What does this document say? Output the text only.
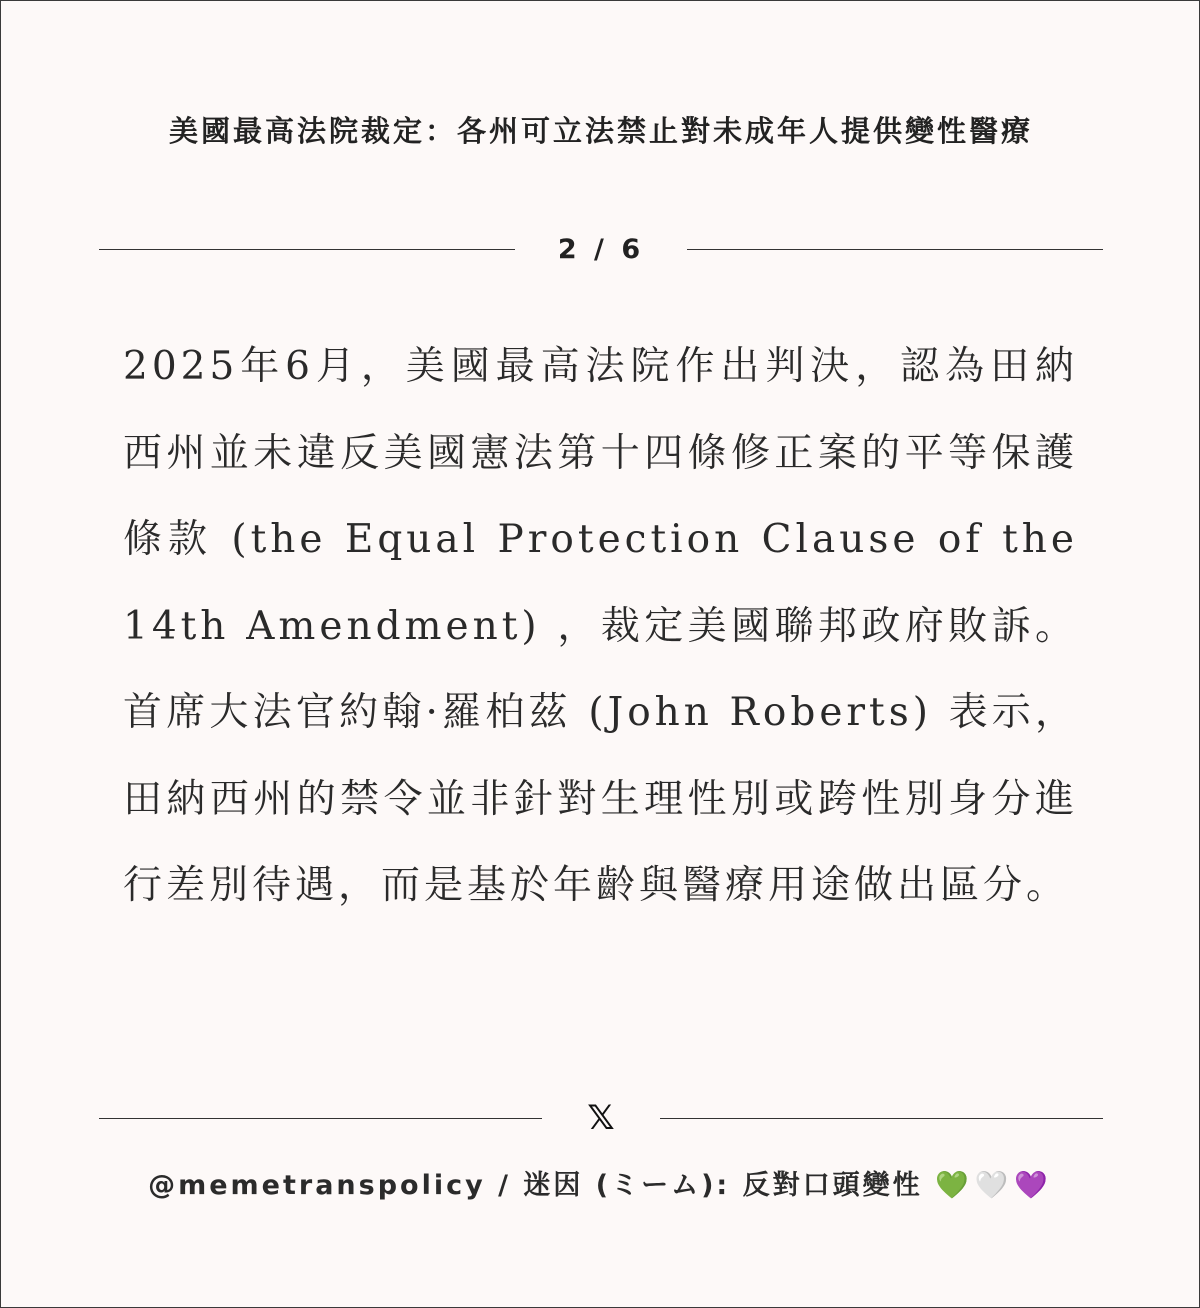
美國最高法院裁定：各州可立法禁止對未成年人提供變性醫療
2 / 6
2025年6月，美國最高法院作出判決，認為田納西州並未違反美國憲法第十四條修正案的平等保護條款 (the Equal Protection Clause of the 14th Amendment) ，裁定美國聯邦政府敗訴。首席大法官約翰·羅柏茲 (John Roberts) 表示，田納西州的禁令並非針對生理性別或跨性別身分進行差別待遇，而是基於年齡與醫療用途做出區分。
𝕏
@memetranspolicy / 迷因 (ミーム): 反對口頭變性 💚🤍💜
